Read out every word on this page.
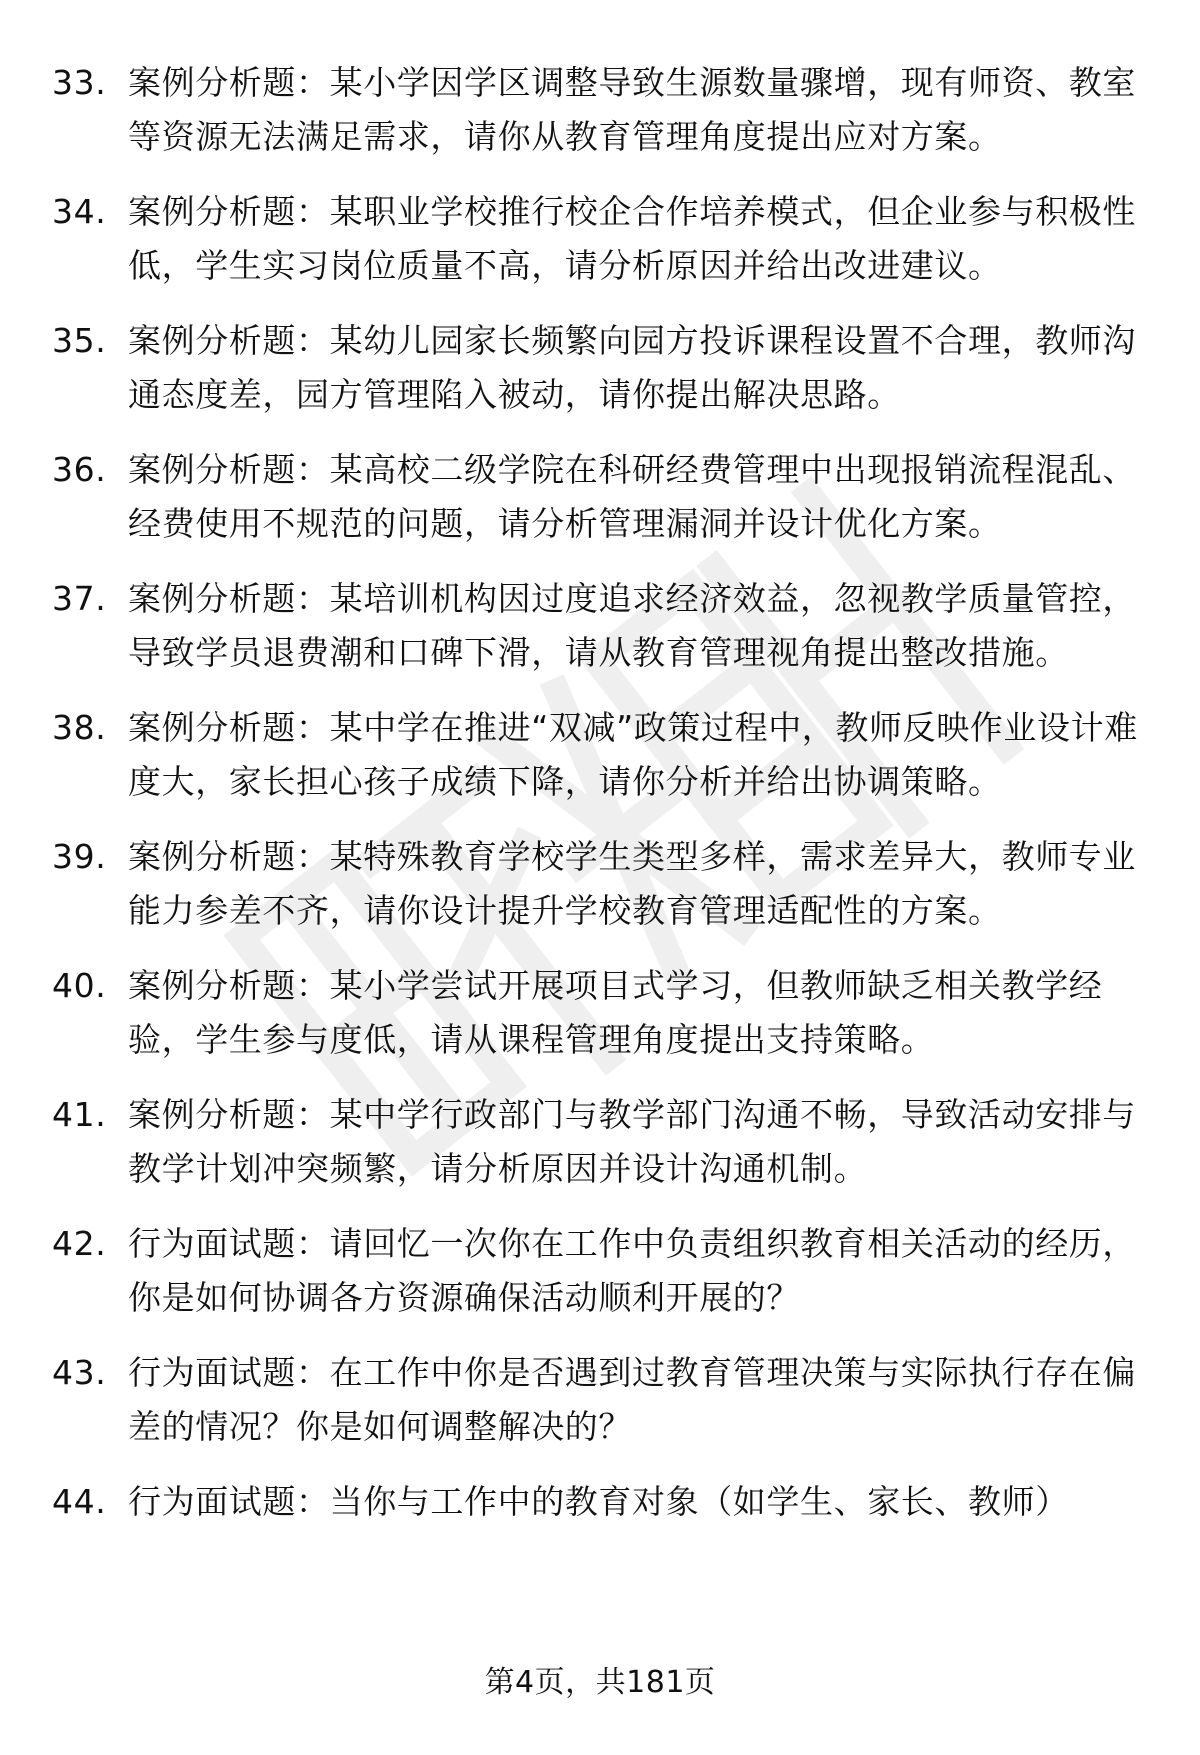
33. 案例分析题：某小学因学区调整导致生源数量骤增，现有师资、教室等资源无法满足需求，请你从教育管理角度提出应对方案。
34. 案例分析题：某职业学校推行校企合作培养模式，但企业参与积极性低，学生实习岗位质量不高，请分析原因并给出改进建议。
35. 案例分析题：某幼儿园家长频繁向园方投诉课程设置不合理，教师沟通态度差，园方管理陷入被动，请你提出解决思路。
36. 案例分析题：某高校二级学院在科研经费管理中出现报销流程混乱、经费使用不规范的问题，请分析管理漏洞并设计优化方案。
37. 案例分析题：某培训机构因过度追求经济效益，忽视教学质量管控，导致学员退费潮和口碑下滑，请从教育管理视角提出整改措施。
38. 案例分析题：某中学在推进“双减”政策过程中，教师反映作业设计难度大，家长担心孩子成绩下降，请你分析并给出协调策略。
39. 案例分析题：某特殊教育学校学生类型多样，需求差异大，教师专业能力参差不齐，请你设计提升学校教育管理适配性的方案。
40. 案例分析题：某小学尝试开展项目式学习，但教师缺乏相关教学经验，学生参与度低，请从课程管理角度提出支持策略。
41. 案例分析题：某中学行政部门与教学部门沟通不畅，导致活动安排与教学计划冲突频繁，请分析原因并设计沟通机制。
42. 行为面试题：请回忆一次你在工作中负责组织教育相关活动的经历，你是如何协调各方资源确保活动顺利开展的？
43. 行为面试题：在工作中你是否遇到过教育管理决策与实际执行存在偏差的情况？你是如何调整解决的？
44. 行为面试题：当你与工作中的教育对象（如学生、家长、教师）
第4页，共181页
